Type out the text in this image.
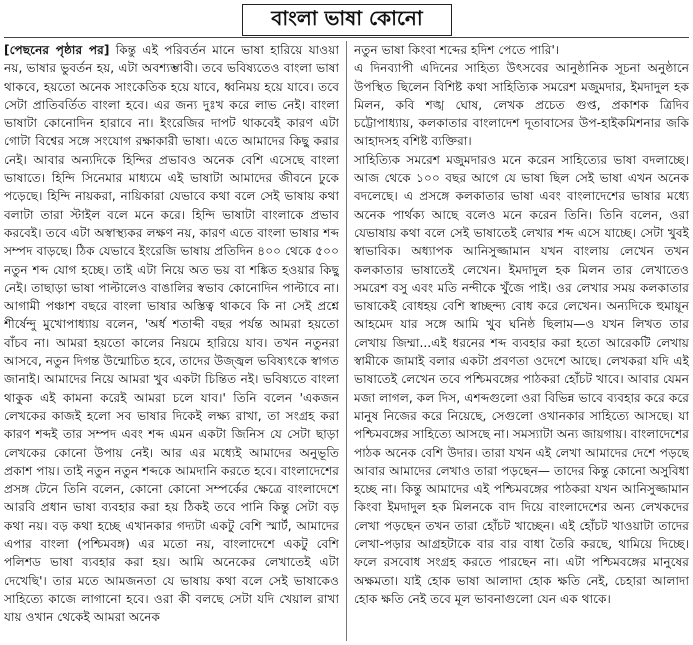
বাংলা ভাষা কোনো

[পেছনের পৃষ্ঠার পর] কিন্তু এই পরিবর্তন মানে ভাষা হারিয়ে যাওয়া নয়, ভাষার ভুবর্তন হয়, এটা অবশ্যম্ভাবী। তবে ভবিষ্যতেও বাংলা ভাষা থাকবে, হয়তো অনেক সাংকেতিক হয়ে যাবে, ধ্বনিময় হয়ে যাবে। তবে সেটা প্রাতিবর্তিত বাংলা হবে। এর জন্য দুঃখ করে লাভ নেই। বাংলা ভাষাটা কোনোদিন হারাবে না। ইংরেজির দাপট থাকবেই কারণ এটা গোটা বিশ্বের সঙ্গে সংযোগ রক্ষাকারী ভাষা। এতে আমাদের কিছু করার নেই। আবার অন্যদিকে হিন্দির প্রভাবও অনেক বেশি এসেছে বাংলা ভাষাতে। হিন্দি সিনেমার মাধ্যমে এই ভাষাটা আমাদের জীবনে ঢুকে পড়েছে। হিন্দি নায়করা, নায়িকারা যেভাবে কথা বলে সেই ভাষায় কথা বলাটা তারা স্টাইল বলে মনে করে। হিন্দি ভাষাটা বাংলাকে প্রভাব করবেই। তবে এটা অস্বাস্থ্যকর লক্ষণ নয়, কারণ এতে বাংলা ভাষার শব্দ সম্পদ বাড়ছে। ঠিক যেভাবে ইংরেজি ভাষায় প্রতিদিন ৪০০ থেকে ৫০০ নতুন শব্দ যোগ হচ্ছে। তাই এটা নিয়ে অত ভয় বা শঙ্কিত হওয়ার কিছু নেই। তাছাড়া ভাষা পাল্টালেও বাঙালির স্বভাব কোনোদিন পাল্টাবে না। আগামী পঞ্চাশ বছরে বাংলা ভাষার অস্তিত্ব থাকবে কি না সেই প্রশ্নে শীর্ষেন্দু মুখোপাধ্যায় বলেন, 'অর্ধ শতাব্দী বছর পর্যন্ত আমরা হয়তো বাঁচব না। আমরা হয়তো কালের নিয়মে হারিয়ে যাব। তখন নতুনরা আসবে, নতুন দিগন্ত উন্মোচিত হবে, তাদের উজ্জ্বল ভবিষ্যৎকে স্বাগত জানাই। আমাদের নিয়ে আমরা খুব একটা চিন্তিত নই। ভবিষ্যতে বাংলা থাকুক এই কামনা করেই আমরা চলে যাব।' তিনি বলেন 'একজন লেখকের কাজই হলো সব ভাষার দিকেই লক্ষ্য রাখা, তা সংগ্রহ করা কারণ শব্দই তার সম্পদ এবং শব্দ এমন একটা জিনিস যে সেটা ছাড়া লেখকের কোনো উপায় নেই। আর এর মধ্যেই আমাদের অনুভূতি প্রকাশ পায়। তাই নতুন নতুন শব্দকে আমদানি করতে হবে। বাংলাদেশের প্রসঙ্গ টেনে তিনি বলেন, কোনো কোনো সম্পর্কের ক্ষেত্রে বাংলাদেশে আরবি প্রধান ভাষা ব্যবহার করা হয় ঠিকই তবে পানি কিন্তু সেটা বড় কথা নয়। বড় কথা হচ্ছে এখানকার গদ্যটা একটু বেশি স্মার্ট, আমাদের এপার বাংলা (পশ্চিমবঙ্গ) এর মতো নয়, বাংলাদেশে একটু বেশি পলিশড ভাষা ব্যবহার করা হয়। আমি অনেকের লেখাতেই এটা দেখেছি'। তার মতে আমজনতা যে ভাষায় কথা বলে সেই ভাষাকেও সাহিত্যে কাজে লাগানো হবে। ওরা কী বলছে সেটা যদি খেয়াল রাখা যায় ওখান থেকেই আমরা অনেক

নতুন ভাষা কিংবা শব্দের হদিশ পেতে পারি'।

এ দিনব্যাপী এদিনের সাহিত্য উৎসবের আনুষ্ঠানিক সূচনা অনুষ্ঠানে উপস্থিত ছিলেন বিশিষ্ট কথা সাহিত্যিক সমরেশ মজুমদার, ইমদাদুল হক মিলন, কবি শঙ্খ ঘোষ, লেখক প্রচেত গুপ্ত, প্রকাশক ত্রিদিব চট্টোপাধ্যায়, কলকাতার বাংলাদেশ দূতাবাসের উপ-হাইকমিশনার জকি আহাদসহ বশিষ্ট ব্যক্তিরা।

সাহিত্যিক সমরেশ মজুমদারও মনে করেন সাহিত্যের ভাষা বদলাচ্ছে। আজ থেকে ১০০ বছর আগে যে ভাষা ছিল সেই ভাষা এখন অনেক বদলেছে। এ প্রসঙ্গে কলকাতার ভাষা এবং বাংলাদেশের ভাষার মধ্যে অনেক পার্থক্য আছে বলেও মনে করেন তিনি। তিনি বলেন, ওরা যেভাষায় কথা বলে সেই ভাষাতেই লেখার শব্দ এসে যাচ্ছে। সেটা খুবই স্বাভাবিক। অধ্যাপক আনিসুজ্জামান যখন বাংলায় লেখেন তখন কলকাতার ভাষাতেই লেখেন। ইমদাদুল হক মিলন তার লেখাতেও সমরেশ বসু এবং মতি নন্দীকে খুঁজে পাই। ওর লেখার সময় কলকাতার ভাষাকেই বোধহয় বেশি স্বাচ্ছন্দ্য বোধ করে লেখেন। অন্যদিকে হুমায়ূন আহমেদ যার সঙ্গে আমি খুব ঘনিষ্ঠ ছিলাম—ও যখন লিখত তার লেখায় জিম্মা...এই ধরনের শব্দ ব্যবহার করা হতো আরেকটি লেখায় স্বামীকে জামাই বলার একটা প্রবণতা ওদেশে আছে। লেখকরা যদি এই ভাষাতেই লেখেন তবে পশ্চিমবঙ্গের পাঠকরা হোঁচট খাবে। আবার যেমন মজা লাগল, কল দিস, এশব্দগুলো ওরা বিভিন্ন ভাবে ব্যবহার করে করে মানুষ নিজের করে নিয়েছে, সেগুলো ওখানকার সাহিত্যে আসছে। যা পশ্চিমবঙ্গের সাহিত্যে আসছে না। সমস্যাটা অন্য জায়গায়। বাংলাদেশের পাঠক অনেক বেশি উদার। তারা যখন এই লেখা আমাদের দেশে পড়ছে আবার আমাদের লেখাও তারা পড়ছেন— তাদের কিন্তু কোনো অসুবিধা হচ্ছে না। কিন্তু আমাদের এই পশ্চিমবঙ্গের পাঠকরা যখন আনিসুজ্জামান কিংবা ইমদাদুল হক মিলনকে বাদ দিয়ে বাংলাদেশের অন্য লেখকদের লেখা পড়ছেন তখন তারা হোঁচট খাচ্ছেন। এই হোঁচট খাওয়াটা তাদের লেখা-পড়ার আগ্রহটাকে বার বার বাধা তৈরি করছে, থামিয়ে দিচ্ছে। ফলে রসবোধ সংগ্রহ করতে পারছেন না। এটা পশ্চিমবঙ্গের মানুষের অক্ষমতা। যাই হোক ভাষা আলাদা হোক ক্ষতি নেই, চেহারা আলাদা হোক ক্ষতি নেই তবে মূল ভাবনাগুলো যেন এক থাকে।
